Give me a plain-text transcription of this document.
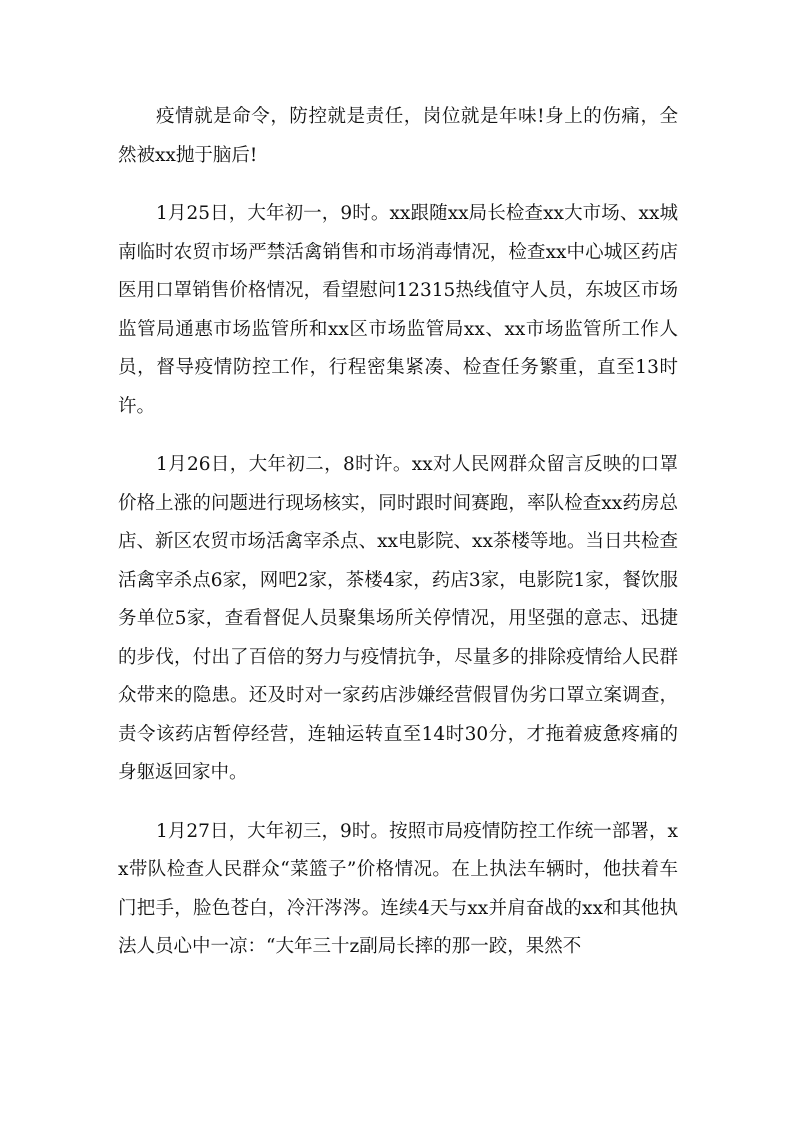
疫情就是命令，防控就是责任，岗位就是年味!身上的伤痛，全然被xx抛于脑后!

1月25日，大年初一，9时。xx跟随xx局长检查xx大市场、xx城南临时农贸市场严禁活禽销售和市场消毒情况，检查xx中心城区药店医用口罩销售价格情况，看望慰问12315热线值守人员，东坡区市场监管局通惠市场监管所和xx区市场监管局xx、xx市场监管所工作人员，督导疫情防控工作，行程密集紧凑、检查任务繁重，直至13时许。

1月26日，大年初二，8时许。xx对人民网群众留言反映的口罩价格上涨的问题进行现场核实，同时跟时间赛跑，率队检查xx药房总店、新区农贸市场活禽宰杀点、xx电影院、xx茶楼等地。当日共检查活禽宰杀点6家，网吧2家，茶楼4家，药店3家，电影院1家，餐饮服务单位5家，查看督促人员聚集场所关停情况，用坚强的意志、迅捷的步伐，付出了百倍的努力与疫情抗争，尽量多的排除疫情给人民群众带来的隐患。还及时对一家药店涉嫌经营假冒伪劣口罩立案调查，责令该药店暂停经营，连轴运转直至14时30分，才拖着疲惫疼痛的身躯返回家中。

1月27日，大年初三，9时。按照市局疫情防控工作统一部署，xx带队检查人民群众“菜篮子”价格情况。在上执法车辆时，他扶着车门把手，脸色苍白，冷汗涔涔。连续4天与xx并肩奋战的xx和其他执法人员心中一凉：“大年三十z副局长摔的那一跤，果然不
